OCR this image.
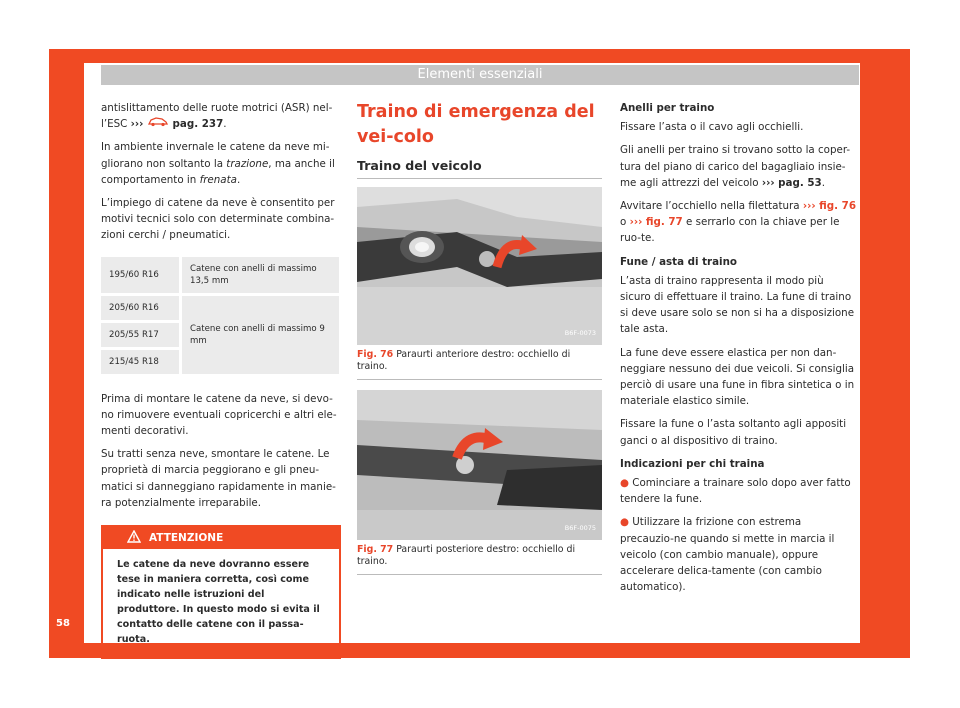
Elementi essenziali
58

antislittamento delle ruote motrici (ASR) nel-l’ESC ›››  pag. 237.

In ambiente invernale le catene da neve mi-gliorano non soltanto la trazione, ma anche il comportamento in frenata.

L’impiego di catene da neve è consentito per motivi tecnici solo con determinate combina-zioni cerchi / pneumatici.

195/60 R16	Catene con anelli di massimo 13,5 mm
205/60 R16	Catene con anelli di massimo 9 mm
205/55 R17	
215/45 R18	

Prima di montare le catene da neve, si devo-no rimuovere eventuali copricerchi e altri ele-menti decorativi.

Su tratti senza neve, smontare le catene. Le proprietà di marcia peggiorano e gli pneu-matici si danneggiano rapidamente in manie-ra potenzialmente irreparabile.

ATTENZIONE
Le catene da neve dovranno essere tese in maniera corretta, così come indicato nelle istruzioni del produttore. In questo modo si evita il contatto delle catene con il passa-ruota.
Traino di emergenza del vei-colo
Traino del veicolo
B6F-0073
Fig. 76 Paraurti anteriore destro: occhiello di traino.
B6F-0075
Fig. 77 Paraurti posteriore destro: occhiello di traino.

Anelli per traino

Fissare l’asta o il cavo agli occhielli.

Gli anelli per traino si trovano sotto la coper-tura del piano di carico del bagagliaio insie-me agli attrezzi del veicolo ››› pag. 53.

Avvitare l’occhiello nella filettatura ››› fig. 76 o ››› fig. 77 e serrarlo con la chiave per le ruo-te.

Fune / asta di traino

L’asta di traino rappresenta il modo più sicuro di effettuare il traino. La fune di traino si deve usare solo se non si ha a disposizione tale asta.

La fune deve essere elastica per non dan-neggiare nessuno dei due veicoli. Si consiglia perciò di usare una fune in fibra sintetica o in materiale elastico simile.

Fissare la fune o l’asta soltanto agli appositi ganci o al dispositivo di traino.

Indicazioni per chi traina

● Cominciare a trainare solo dopo aver fatto tendere la fune.

● Utilizzare la frizione con estrema precauzio-ne quando si mette in marcia il veicolo (con cambio manuale), oppure accelerare delica-tamente (con cambio automatico).
